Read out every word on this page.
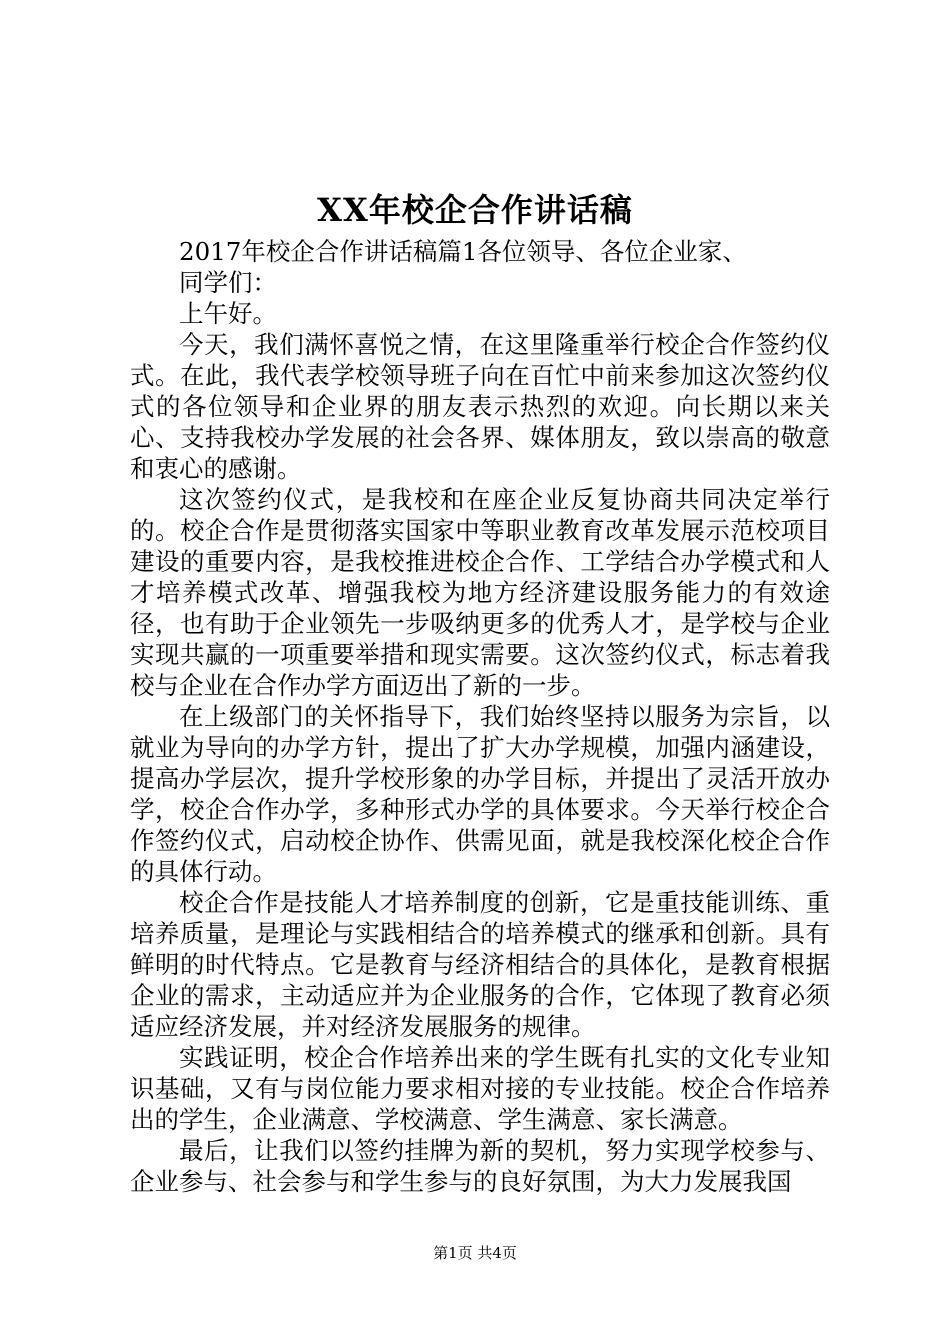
XX年校企合作讲话稿

2017年校企合作讲话稿篇1各位领导、各位企业家、

同学们：

上午好。

今天，我们满怀喜悦之情，在这里隆重举行校企合作签约仪式。在此，我代表学校领导班子向在百忙中前来参加这次签约仪式的各位领导和企业界的朋友表示热烈的欢迎。向长期以来关心、支持我校办学发展的社会各界、媒体朋友，致以崇高的敬意和衷心的感谢。

这次签约仪式，是我校和在座企业反复协商共同决定举行的。校企合作是贯彻落实国家中等职业教育改革发展示范校项目建设的重要内容，是我校推进校企合作、工学结合办学模式和人才培养模式改革、增强我校为地方经济建设服务能力的有效途径，也有助于企业领先一步吸纳更多的优秀人才，是学校与企业实现共赢的一项重要举措和现实需要。这次签约仪式，标志着我校与企业在合作办学方面迈出了新的一步。

在上级部门的关怀指导下，我们始终坚持以服务为宗旨，以就业为导向的办学方针，提出了扩大办学规模，加强内涵建设，提高办学层次，提升学校形象的办学目标，并提出了灵活开放办学，校企合作办学，多种形式办学的具体要求。今天举行校企合作签约仪式，启动校企协作、供需见面，就是我校深化校企合作的具体行动。

校企合作是技能人才培养制度的创新，它是重技能训练、重培养质量，是理论与实践相结合的培养模式的继承和创新。具有鲜明的时代特点。它是教育与经济相结合的具体化，是教育根据企业的需求，主动适应并为企业服务的合作，它体现了教育必须适应经济发展，并对经济发展服务的规律。

实践证明，校企合作培养出来的学生既有扎实的文化专业知识基础，又有与岗位能力要求相对接的专业技能。校企合作培养出的学生，企业满意、学校满意、学生满意、家长满意。

最后，让我们以签约挂牌为新的契机，努力实现学校参与、企业参与、社会参与和学生参与的良好氛围，为大力发展我国

第1页 共4页
